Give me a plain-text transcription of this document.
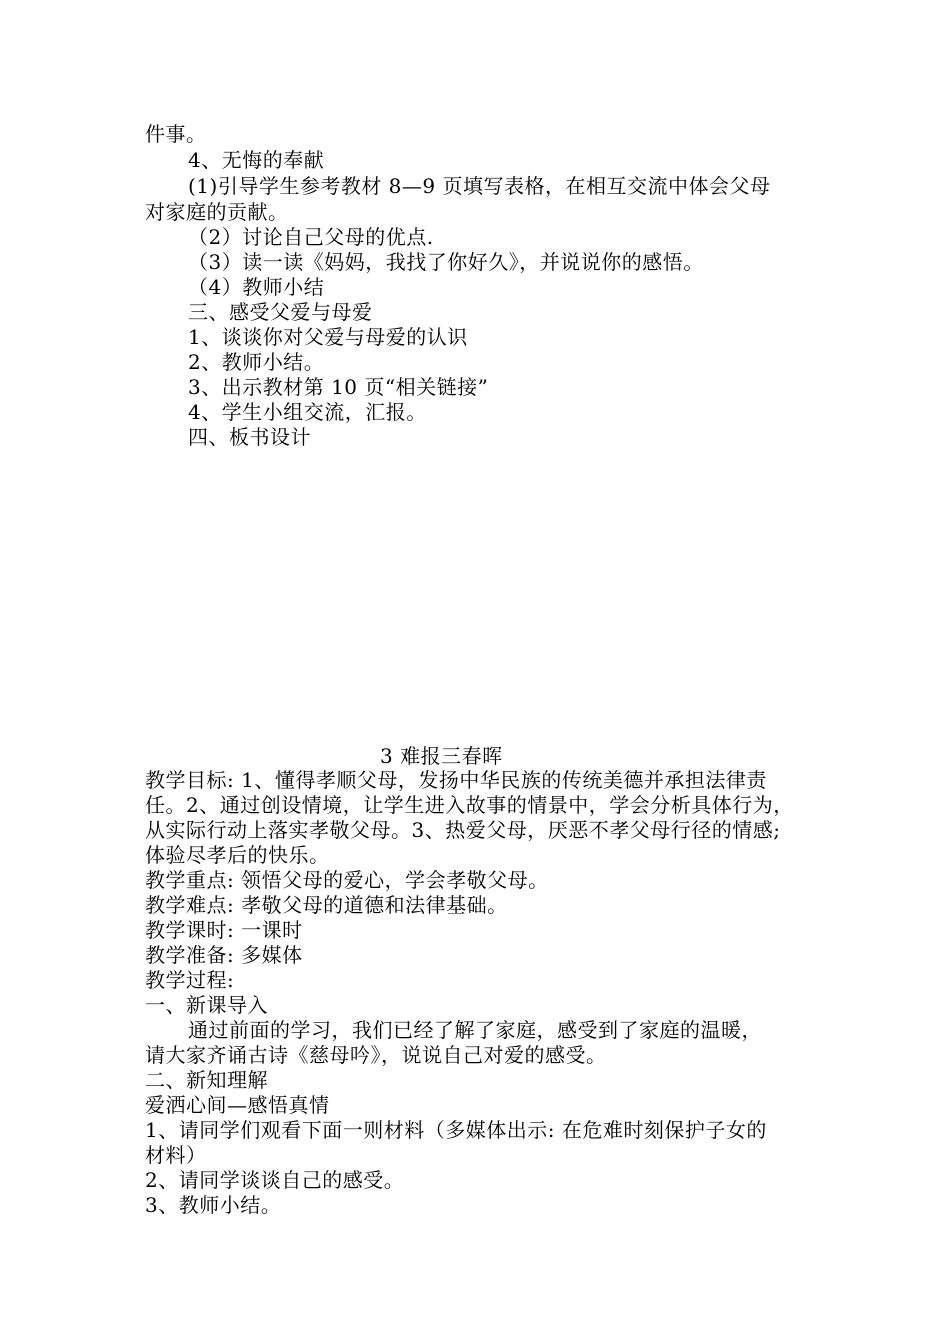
件事。
4、无悔的奉献
(1)引导学生参考教材 8—9 页填写表格，在相互交流中体会父母
对家庭的贡献。
（2）讨论自己父母的优点.
（3）读一读《妈妈，我找了你好久》，并说说你的感悟。
（4）教师小结
三、感受父爱与母爱
1、谈谈你对父爱与母爱的认识
2、教师小结。
3、出示教材第 10 页“相关链接”
4、学生小组交流，汇报。
四、板书设计
3 难报三春晖
教学目标: 1、懂得孝顺父母，发扬中华民族的传统美德并承担法律责
任。2、通过创设情境，让学生进入故事的情景中，学会分析具体行为，
从实际行动上落实孝敬父母。3、热爱父母，厌恶不孝父母行径的情感;
体验尽孝后的快乐。
教学重点: 领悟父母的爱心，学会孝敬父母。
教学难点: 孝敬父母的道德和法律基础。
教学课时: 一课时
教学准备: 多媒体
教学过程:
一、新课导入
通过前面的学习，我们已经了解了家庭，感受到了家庭的温暖，
请大家齐诵古诗《慈母吟》，说说自己对爱的感受。
二、新知理解
爱洒心间—感悟真情
1、请同学们观看下面一则材料（多媒体出示: 在危难时刻保护子女的
材料）
2、请同学谈谈自己的感受。
3、教师小结。
